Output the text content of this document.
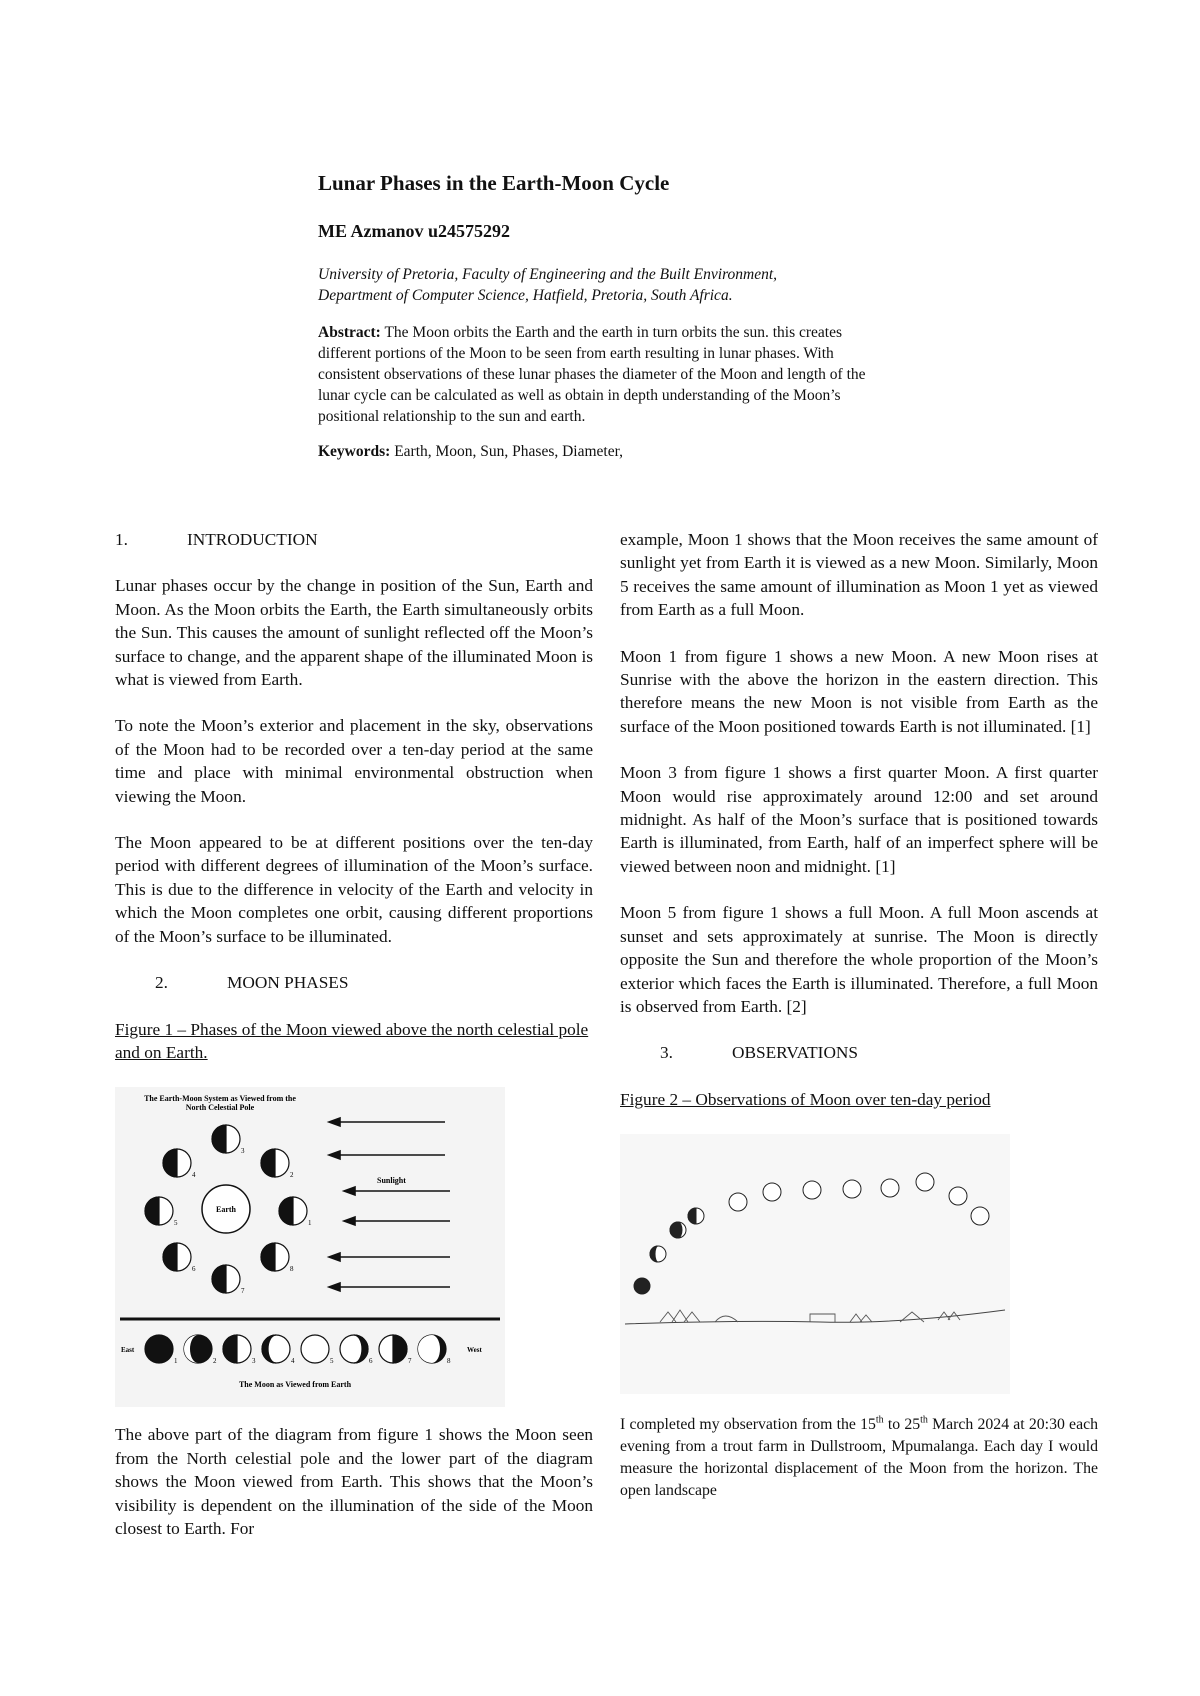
Lunar Phases in the Earth-Moon Cycle

ME Azmanov u24575292

University of Pretoria, Faculty of Engineering and the Built Environment,
Department of Computer Science, Hatfield, Pretoria, South Africa.

Abstract: The Moon orbits the Earth and the earth in turn orbits the sun. this creates different portions of the Moon to be seen from earth resulting in lunar phases. With consistent observations of these lunar phases the diameter of the Moon and length of the lunar cycle can be calculated as well as obtain in depth understanding of the Moon’s positional relationship to the sun and earth.

Keywords: Earth, Moon, Sun, Phases, Diameter,

1.	INTRODUCTION

Lunar phases occur by the change in position of the Sun, Earth and Moon. As the Moon orbits the Earth, the Earth simultaneously orbits the Sun. This causes the amount of sunlight reflected off the Moon’s surface to change, and the apparent shape of the illuminated Moon is what is viewed from Earth.

To note the Moon’s exterior and placement in the sky, observations of the Moon had to be recorded over a ten-day period at the same time and place with minimal environmental obstruction when viewing the Moon.

The Moon appeared to be at different positions over the ten-day period with different degrees of illumination of the Moon’s surface. This is due to the difference in velocity of the Earth and velocity in which the Moon completes one orbit, causing different proportions of the Moon’s surface to be illuminated.

2.	MOON PHASES

Figure 1 – Phases of the Moon viewed above the north celestial pole and on Earth.

The Earth-Moon System as Viewed from the
North Celestial Pole
Sunlight
Earth
1
2
3
4
5
6
7
8
East	West
1	2	3	4	5	6	7	8
The Moon as Viewed from Earth

The above part of the diagram from figure 1 shows the Moon seen from the North celestial pole and the lower part of the diagram shows the Moon viewed from Earth. This shows that the Moon’s visibility is dependent on the illumination of the side of the Moon closest to Earth. For

example, Moon 1 shows that the Moon receives the same amount of sunlight yet from Earth it is viewed as a new Moon. Similarly, Moon 5 receives the same amount of illumination as Moon 1 yet as viewed from Earth as a full Moon.

Moon 1 from figure 1 shows a new Moon. A new Moon rises at Sunrise with the above the horizon in the eastern direction. This therefore means the new Moon is not visible from Earth as the surface of the Moon positioned towards Earth is not illuminated. [1]

Moon 3 from figure 1 shows a first quarter Moon. A first quarter Moon would rise approximately around 12:00 and set around midnight. As half of the Moon’s surface that is positioned towards Earth is illuminated, from Earth, half of an imperfect sphere will be viewed between noon and midnight. [1]

Moon 5 from figure 1 shows a full Moon. A full Moon ascends at sunset and sets approximately at sunrise. The Moon is directly opposite the Sun and therefore the whole proportion of the Moon’s exterior which faces the Earth is illuminated. Therefore, a full Moon is observed from Earth. [2]

3.	OBSERVATIONS

Figure 2 – Observations of Moon over ten-day period

I completed my observation from the 15th to 25th March 2024 at 20:30 each evening from a trout farm in Dullstroom, Mpumalanga. Each day I would measure the horizontal displacement of the Moon from the horizon. The open landscape
